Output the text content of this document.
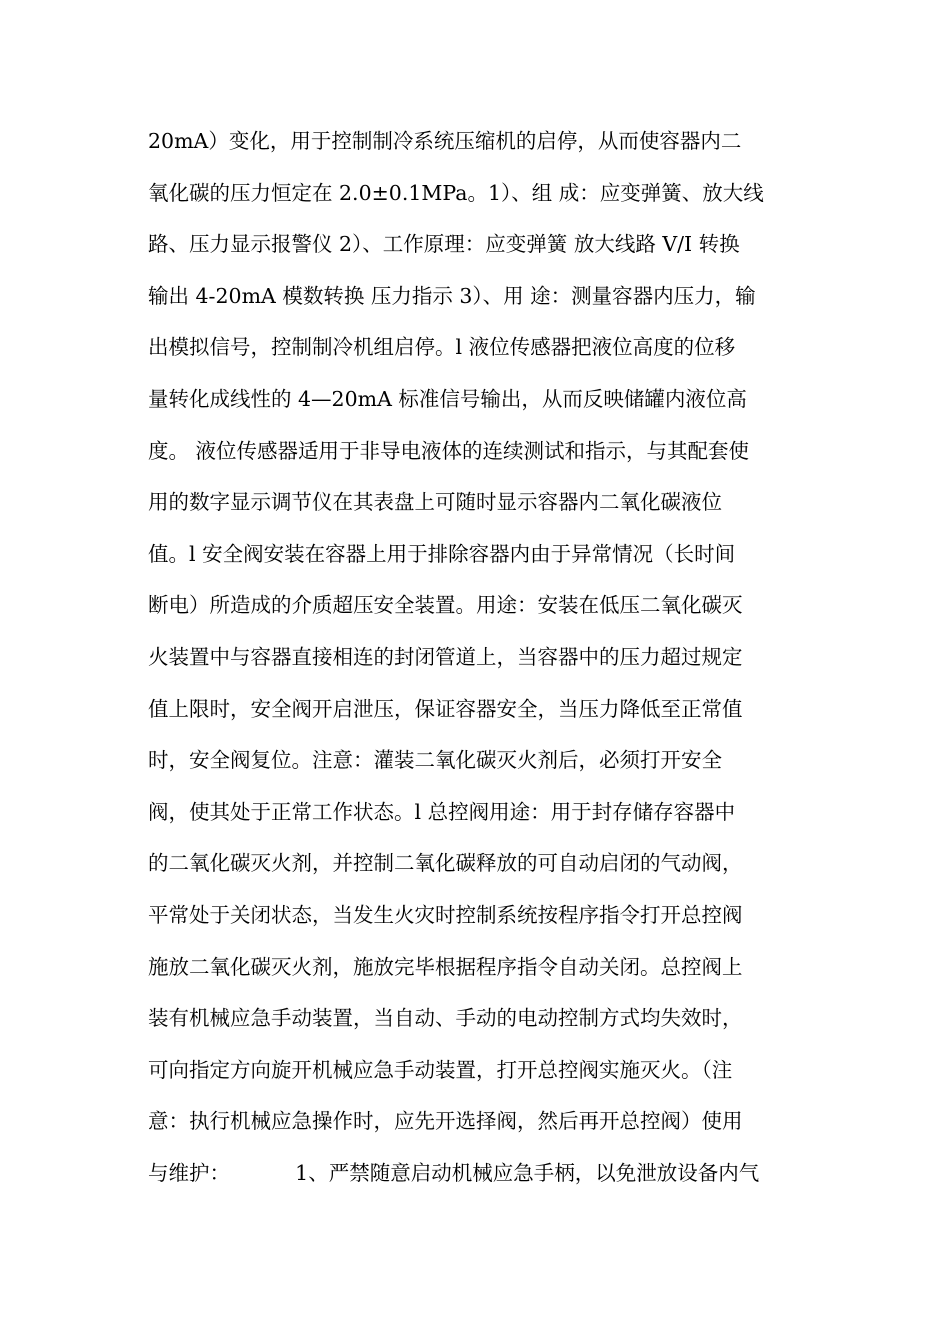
20mA）变化，用于控制制冷系统压缩机的启停，从而使容器内二
氧化碳的压力恒定在 2.0±0.1MPa。1）、组 成：应变弹簧、放大线
路、压力显示报警仪 2）、工作原理：应变弹簧 放大线路 V/I 转换
输出 4-20mA 模数转换 压力指示 3）、用 途：测量容器内压力，输
出模拟信号，控制制冷机组启停。l 液位传感器把液位高度的位移
量转化成线性的 4—20mA 标准信号输出，从而反映储罐内液位高
度。 液位传感器适用于非导电液体的连续测试和指示，与其配套使
用的数字显示调节仪在其表盘上可随时显示容器内二氧化碳液位
值。l 安全阀安装在容器上用于排除容器内由于异常情况（长时间
断电）所造成的介质超压安全装置。用途：安装在低压二氧化碳灭
火装置中与容器直接相连的封闭管道上，当容器中的压力超过规定
值上限时，安全阀开启泄压，保证容器安全，当压力降低至正常值
时，安全阀复位。注意：灌装二氧化碳灭火剂后，必须打开安全
阀，使其处于正常工作状态。l 总控阀用途：用于封存储存容器中
的二氧化碳灭火剂，并控制二氧化碳释放的可自动启闭的气动阀，
平常处于关闭状态，当发生火灾时控制系统按程序指令打开总控阀
施放二氧化碳灭火剂，施放完毕根据程序指令自动关闭。总控阀上
装有机械应急手动装置，当自动、手动的电动控制方式均失效时，
可向指定方向旋开机械应急手动装置，打开总控阀实施灭火。（注
意：执行机械应急操作时，应先开选择阀，然后再开总控阀）使用
与维护：          1、严禁随意启动机械应急手柄，以免泄放设备内气
